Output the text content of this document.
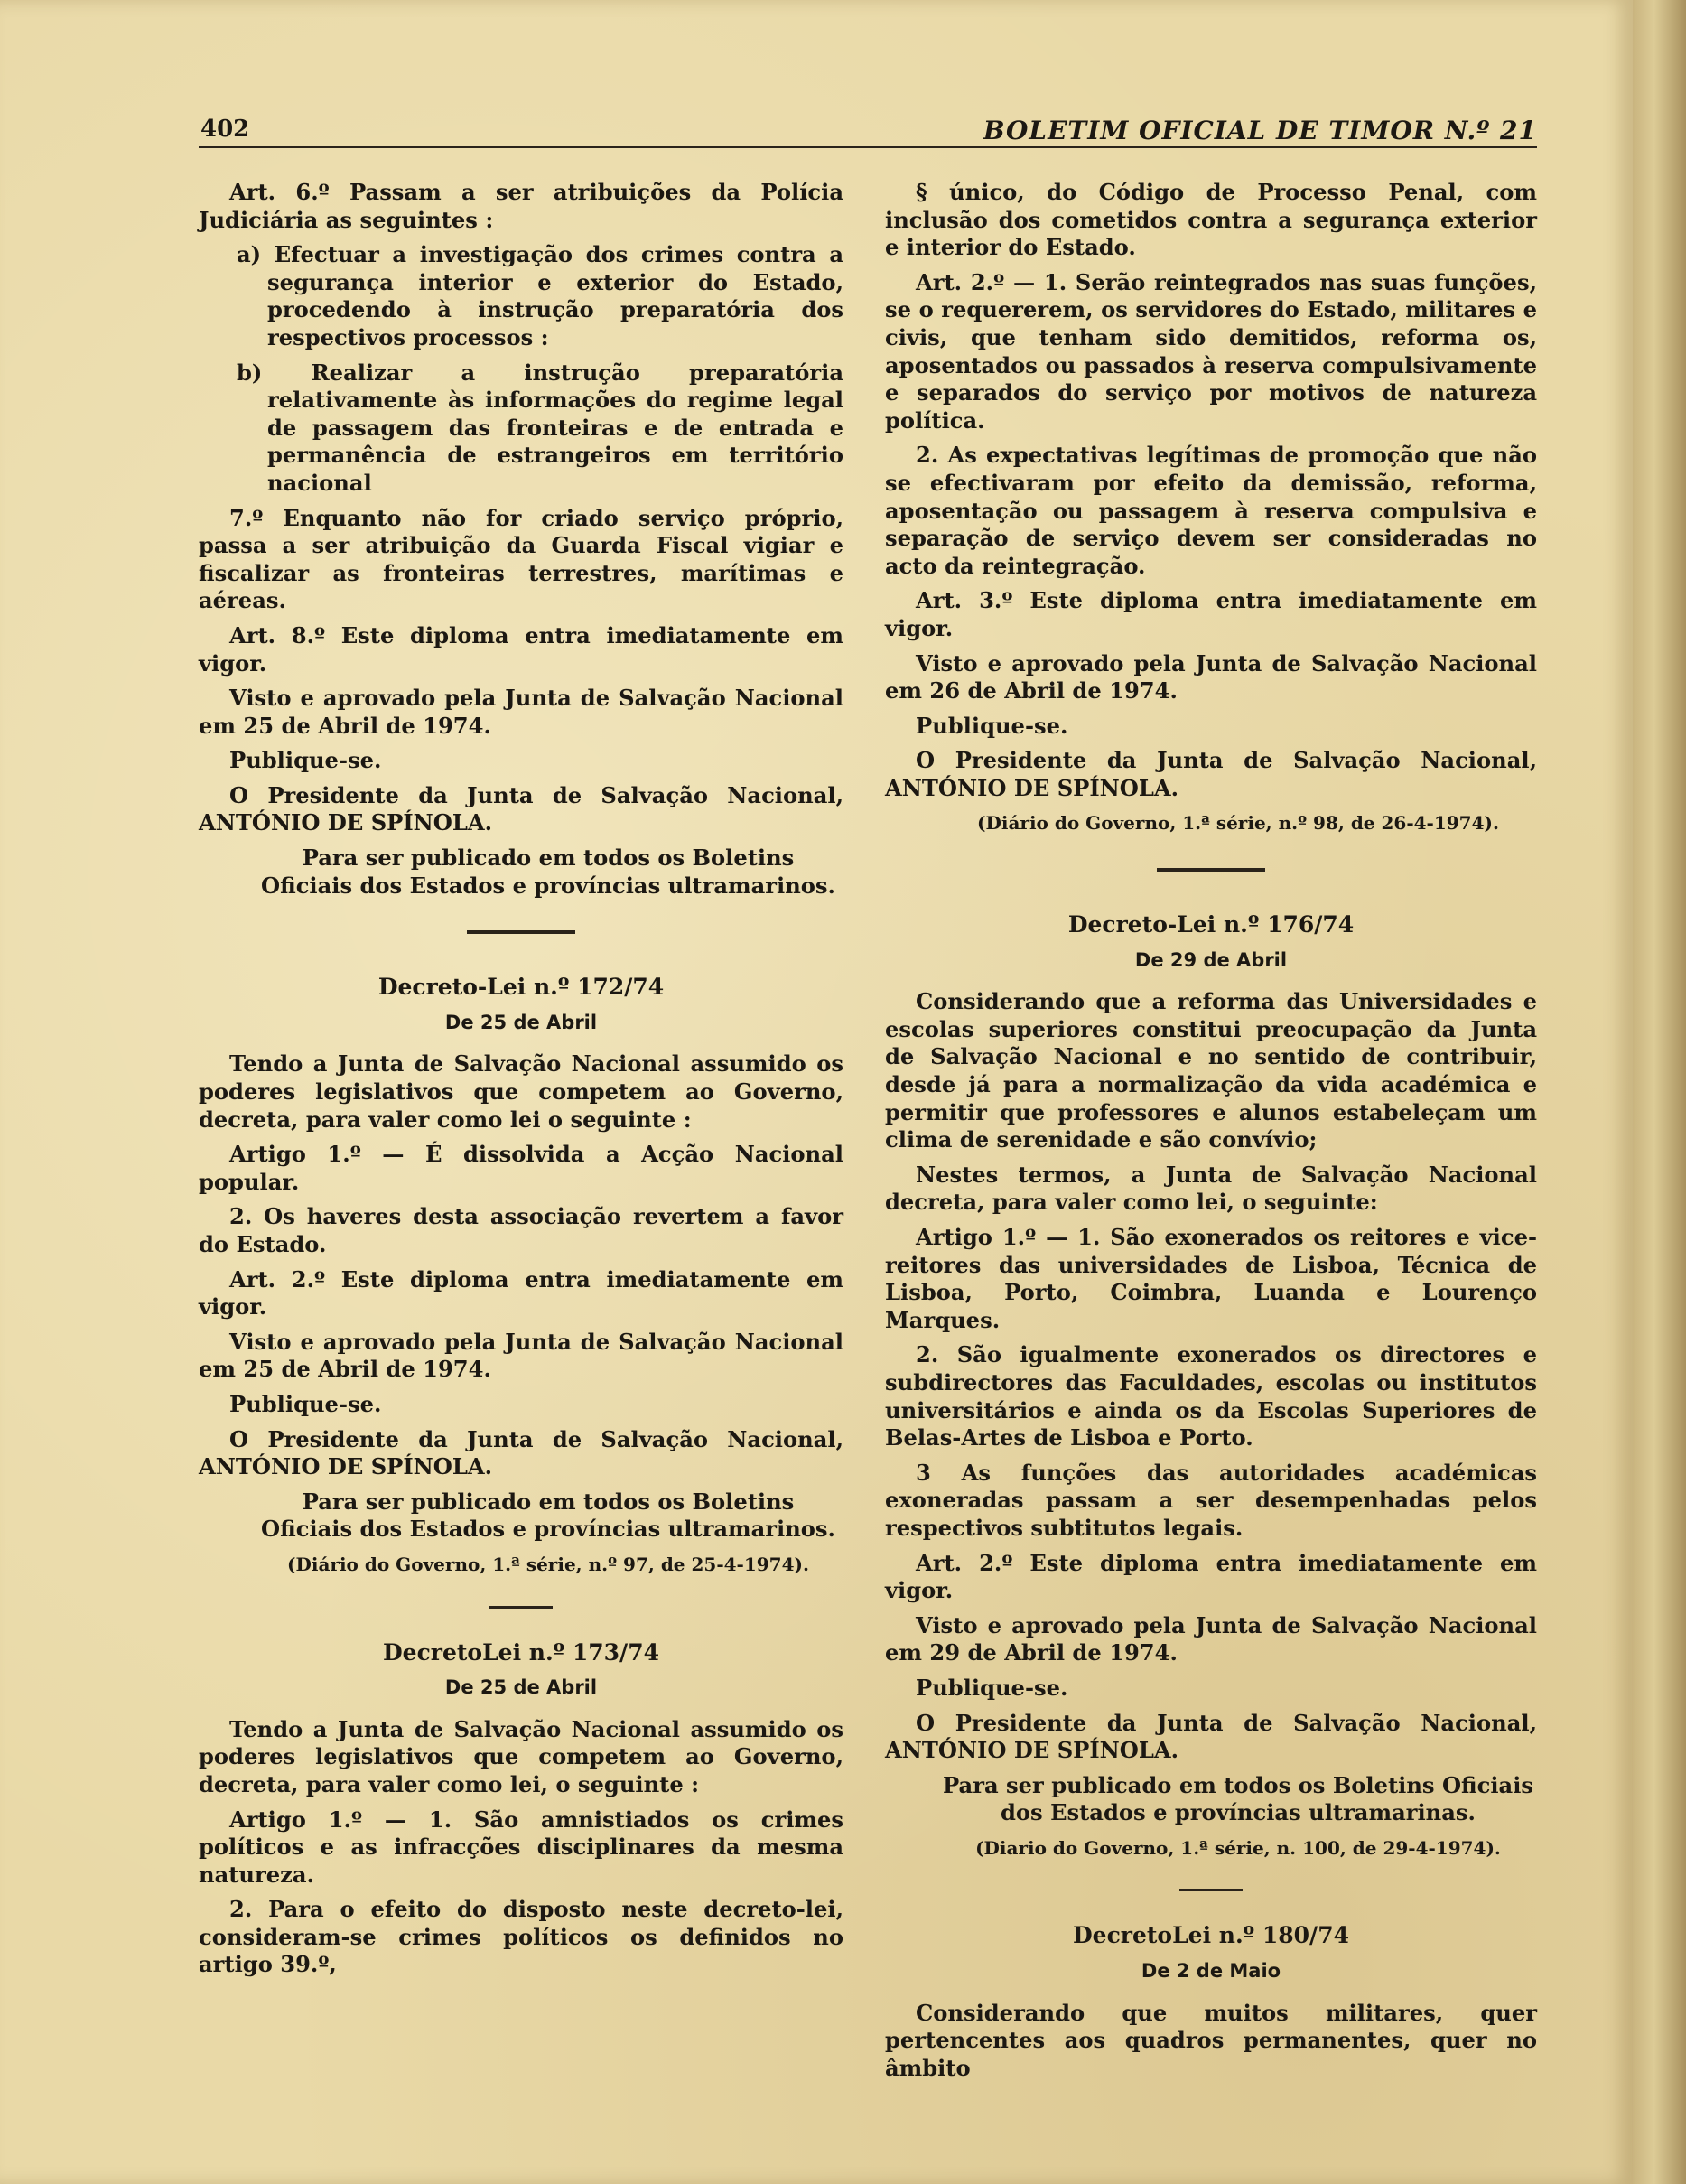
402	BOLETIM OFICIAL DE TIMOR N.º 21

Art. 6.º Passam a ser atribuições da Polícia Judiciária as seguintes :

a) Efectuar a investigação dos crimes contra a segurança interior e exterior do Estado, procedendo à instrução preparatória dos respectivos processos :

b) Realizar a instrução preparatória relativamente às informações do regime legal de passagem das fronteiras e de entrada e permanência de estrangeiros em território nacional

7.º Enquanto não for criado serviço próprio, passa a ser atribuição da Guarda Fiscal vigiar e fiscalizar as fronteiras terrestres, marítimas e aéreas.

Art. 8.º Este diploma entra imediatamente em vigor.

Visto e aprovado pela Junta de Salvação Nacional em 25 de Abril de 1974.

Publique-se.

O Presidente da Junta de Salvação Nacional, ANTÓNIO DE SPÍNOLA.

Para ser publicado em todos os Boletins Oficiais dos Estados e províncias ultramarinos.

Decreto-Lei n.º 172/74

De 25 de Abril

Tendo a Junta de Salvação Nacional assumido os poderes legislativos que competem ao Governo, decreta, para valer como lei o seguinte :

Artigo 1.º — É dissolvida a Acção Nacional popular.

2. Os haveres desta associação revertem a favor do Estado.

Art. 2.º Este diploma entra imediatamente em vigor.

Visto e aprovado pela Junta de Salvação Nacional em 25 de Abril de 1974.

Publique-se.

O Presidente da Junta de Salvação Nacional, ANTÓNIO DE SPÍNOLA.

Para ser publicado em todos os Boletins Oficiais dos Estados e províncias ultramarinos.

(Diário do Governo, 1.ª série, n.º 97, de 25-4-1974).

DecretoLei n.º 173/74

De 25 de Abril

Tendo a Junta de Salvação Nacional assumido os poderes legislativos que competem ao Governo, decreta, para valer como lei, o seguinte :

Artigo 1.º — 1. São amnistiados os crimes políticos e as infracções disciplinares da mesma natureza.

2. Para o efeito do disposto neste decreto-lei, consideram-se crimes políticos os definidos no artigo 39.º,

§ único, do Código de Processo Penal, com inclusão dos cometidos contra a segurança exterior e interior do Estado.

Art. 2.º — 1. Serão reintegrados nas suas funções, se o requererem, os servidores do Estado, militares e civis, que tenham sido demitidos, reforma os, aposentados ou passados à reserva compulsivamente e separados do serviço por motivos de natureza política.

2. As expectativas legítimas de promoção que não se efectivaram por efeito da demissão, reforma, aposentação ou passagem à reserva compulsiva e separação de serviço devem ser consideradas no acto da reintegração.

Art. 3.º Este diploma entra imediatamente em vigor.

Visto e aprovado pela Junta de Salvação Nacional em 26 de Abril de 1974.

Publique-se.

O Presidente da Junta de Salvação Nacional, ANTÓNIO DE SPÍNOLA.

(Diário do Governo, 1.ª série, n.º 98, de 26-4-1974).

Decreto-Lei n.º 176/74

De 29 de Abril

Considerando que a reforma das Universidades e escolas superiores constitui preocupação da Junta de Salvação Nacional e no sentido de contribuir, desde já para a normalização da vida académica e permitir que professores e alunos estabeleçam um clima de serenidade e são convívio;

Nestes termos, a Junta de Salvação Nacional decreta, para valer como lei, o seguinte:

Artigo 1.º — 1. São exonerados os reitores e vice-reitores das universidades de Lisboa, Técnica de Lisboa, Porto, Coimbra, Luanda e Lourenço Marques.

2. São igualmente exonerados os directores e subdirectores das Faculdades, escolas ou institutos universitários e ainda os da Escolas Superiores de Belas-Artes de Lisboa e Porto.

3 As funções das autoridades académicas exoneradas passam a ser desempenhadas pelos respectivos subtitutos legais.

Art. 2.º Este diploma entra imediatamente em vigor.

Visto e aprovado pela Junta de Salvação Nacional em 29 de Abril de 1974.

Publique-se.

O Presidente da Junta de Salvação Nacional, ANTÓNIO DE SPÍNOLA.

Para ser publicado em todos os Boletins Oficiais dos Estados e províncias ultramarinas.

(Diario do Governo, 1.ª série, n. 100, de 29-4-1974).

DecretoLei n.º 180/74

De 2 de Maio

Considerando que muitos militares, quer pertencentes aos quadros permanentes, quer no âmbito
